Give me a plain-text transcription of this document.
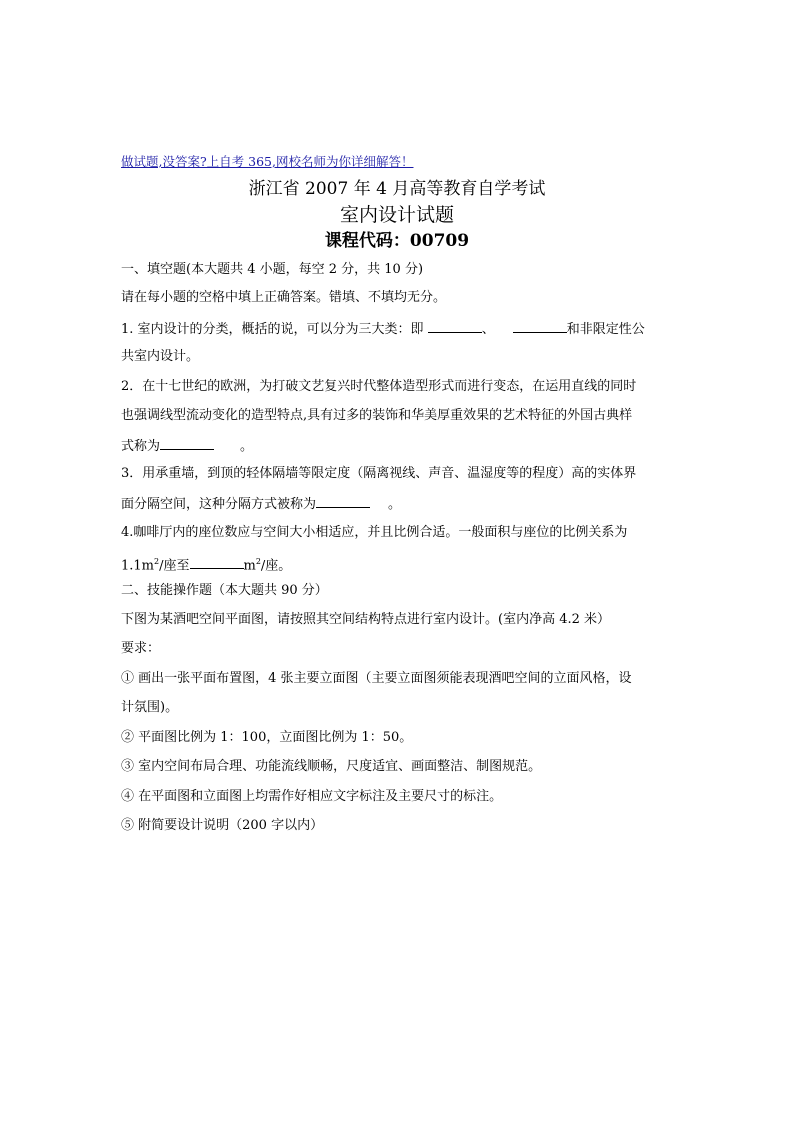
做试题,没答案?上自考 365,网校名师为你详细解答！
浙江省 2007 年 4 月高等教育自学考试
室内设计试题
课程代码：00709
一、填空题(本大题共 4 小题，每空 2 分，共 10 分)
请在每小题的空格中填上正确答案。错填、不填均无分。
1. 室内设计的分类，概括的说，可以分为三大类：即	、	和非限定性公
共室内设计。
2．在十七世纪的欧洲，为打破文艺复兴时代整体造型形式而进行变态，在运用直线的同时
也强调线型流动变化的造型特点,具有过多的装饰和华美厚重效果的艺术特征的外国古典样
式称为	。
3．用承重墙，到顶的轻体隔墙等限定度（隔离视线、声音、温湿度等的程度）高的实体界
面分隔空间，这种分隔方式被称为	。
4.咖啡厅内的座位数应与空间大小相适应，并且比例合适。一般面积与座位的比例关系为
$1.1m^2/$座至	$m^2/$座。
二、技能操作题（本大题共 90 分）
下图为某酒吧空间平面图，请按照其空间结构特点进行室内设计。(室内净高 4.2 米）
要求：
① 画出一张平面布置图，4 张主要立面图（主要立面图须能表现酒吧空间的立面风格，设
计氛围)。
② 平面图比例为 1：100，立面图比例为 1：50。
③ 室内空间布局合理、功能流线顺畅，尺度适宜、画面整洁、制图规范。
④ 在平面图和立面图上均需作好相应文字标注及主要尺寸的标注。
⑤ 附简要设计说明（200 字以内）
